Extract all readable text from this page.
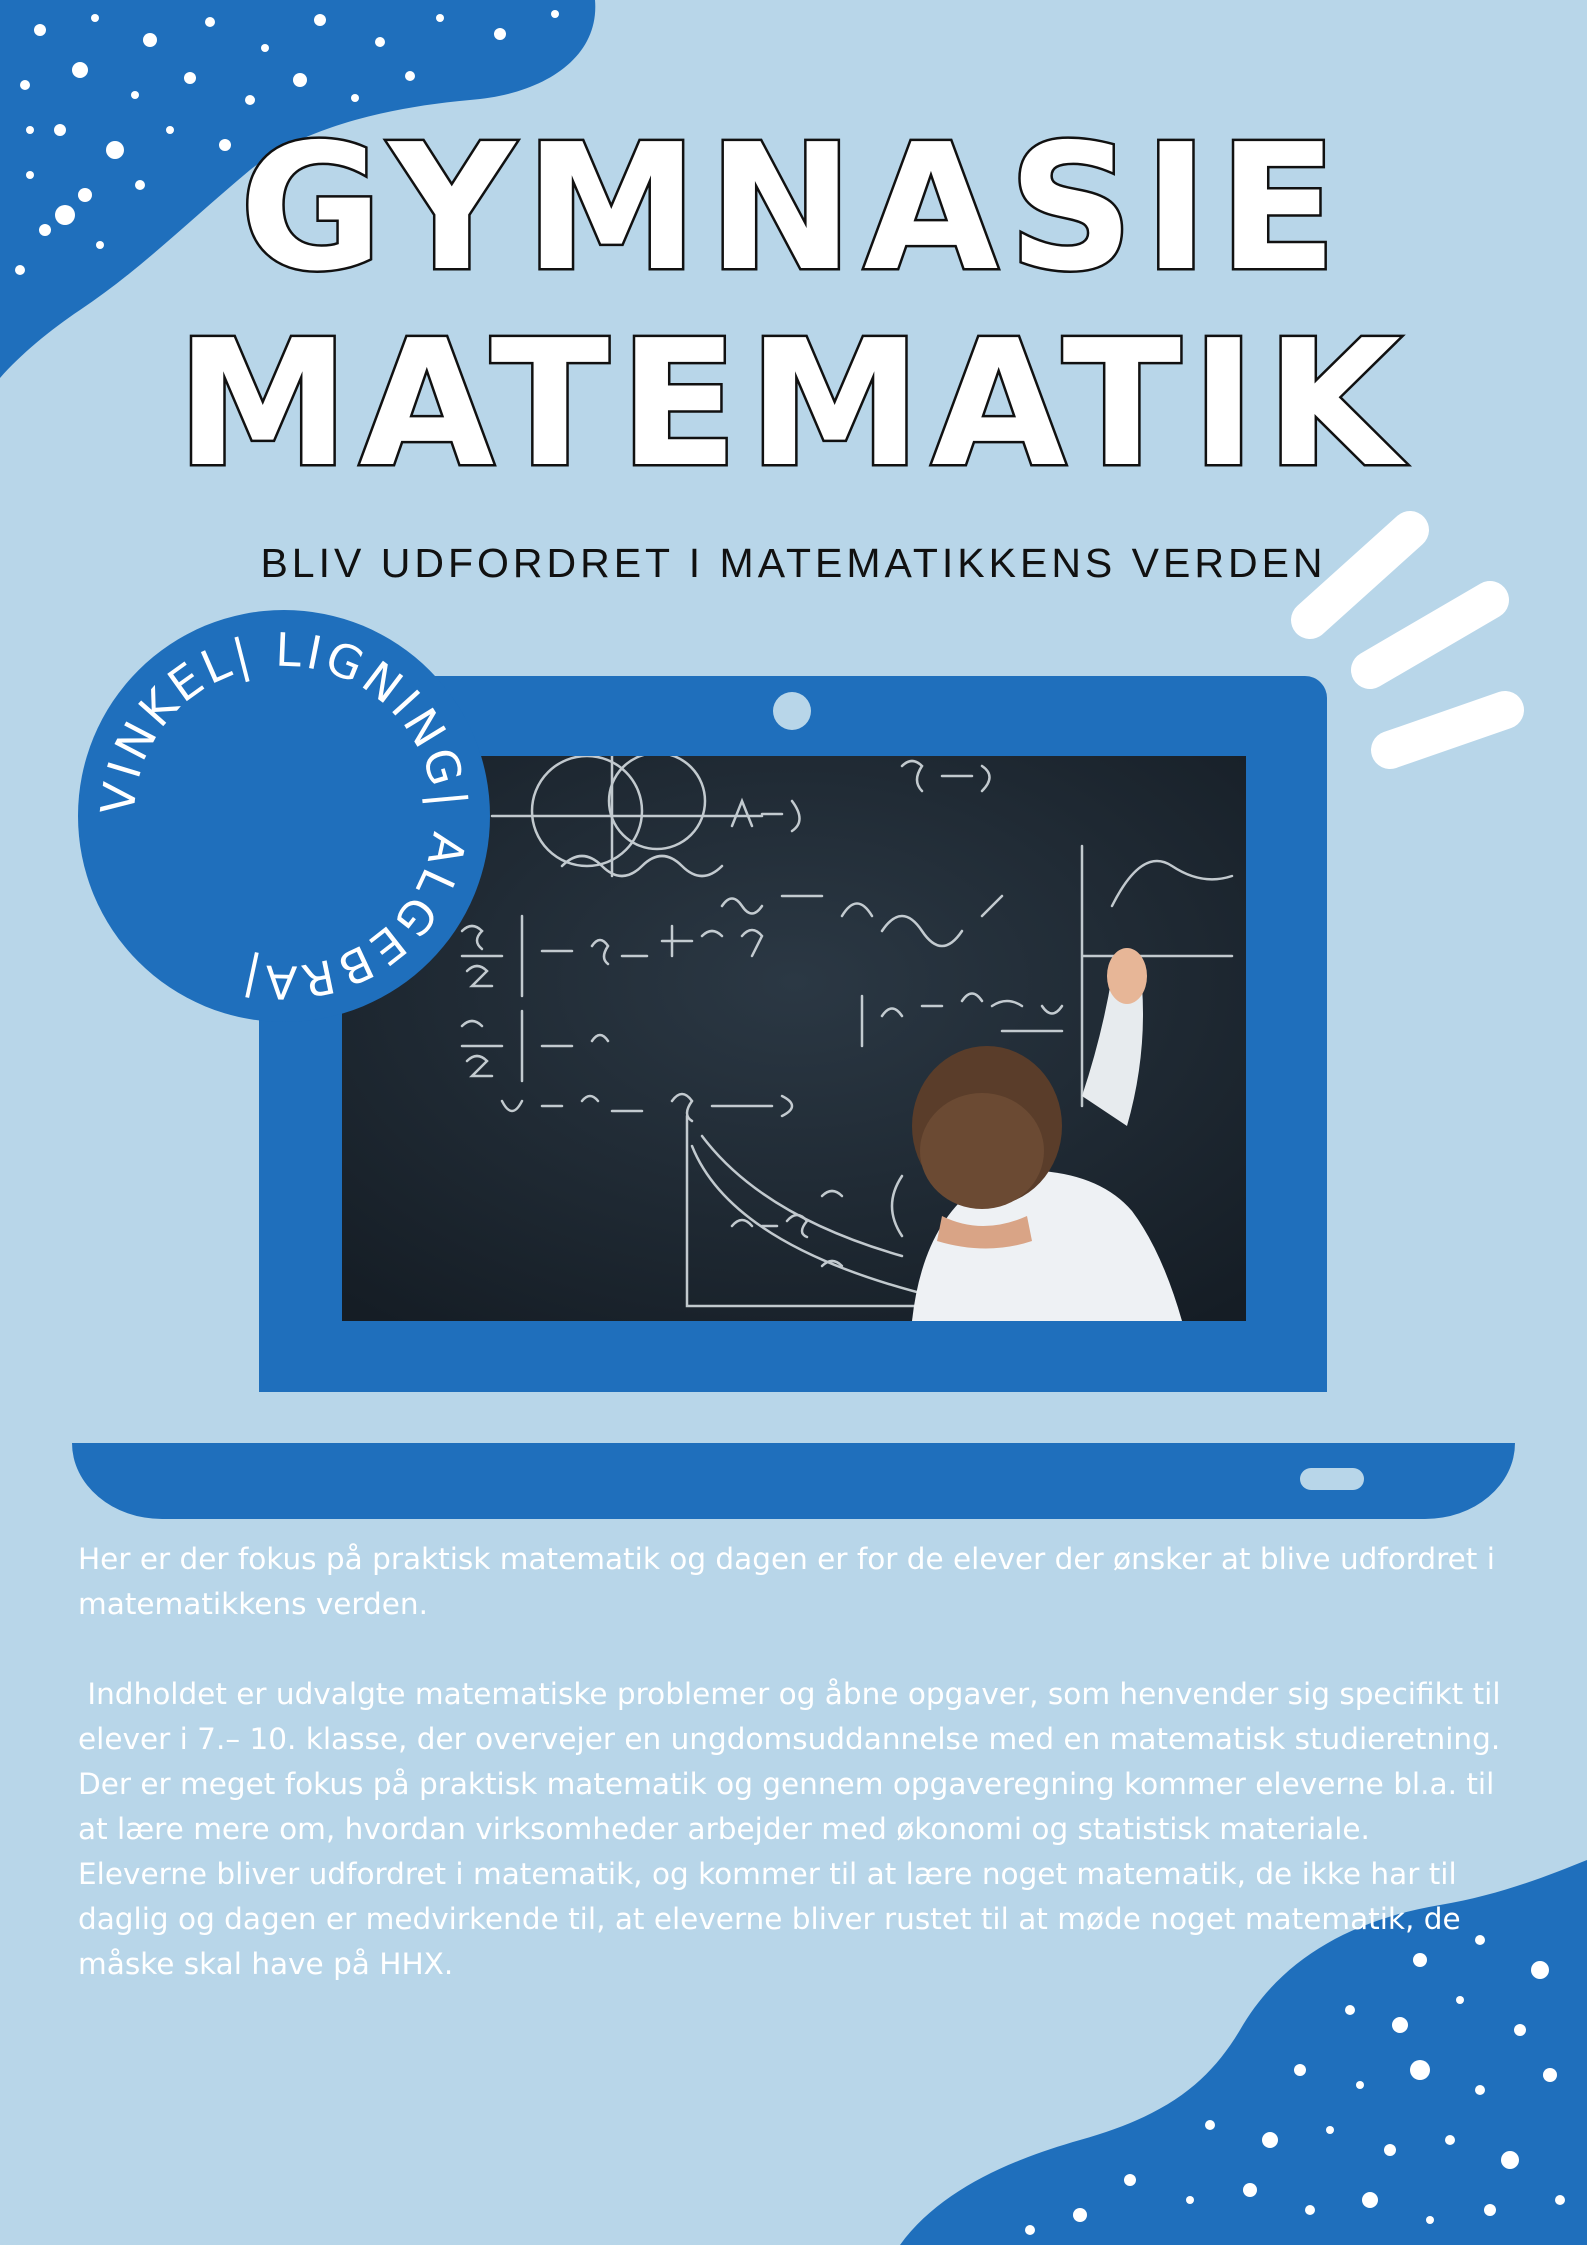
GYMNASIE
MATEMATIK
BLIV UDFORDRET I MATEMATIKKENS VERDEN
VINKEL| LIGNING| ALGEBRA|

Her er der fokus på praktisk matematik og dagen er for de elever der ønsker at blive udfordret i matematikkens verden.

Indholdet er udvalgte matematiske problemer og åbne opgaver, som henvender sig specifikt til elever i 7.– 10. klasse, der overvejer en ungdomsuddannelse med en matematisk studieretning.

Der er meget fokus på praktisk matematik og gennem opgaveregning kommer eleverne bl.a. til at lære mere om, hvordan virksomheder arbejder med økonomi og statistisk materiale.

Eleverne bliver udfordret i matematik, og kommer til at lære noget matematik, de ikke har til daglig og dagen er medvirkende til, at eleverne bliver rustet til at møde noget matematik, de måske skal have på HHX.
